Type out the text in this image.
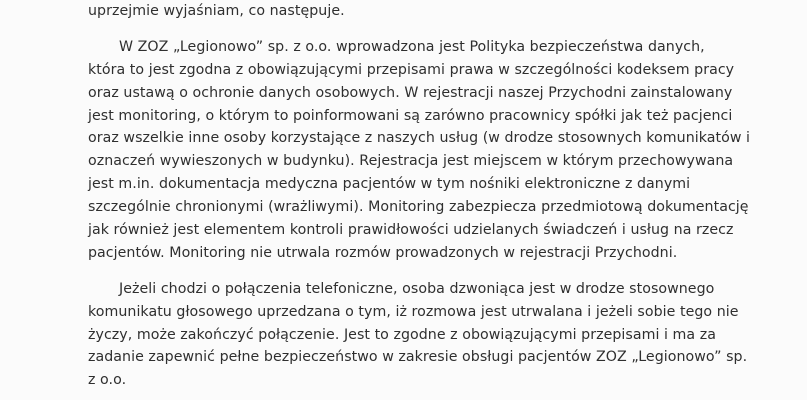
uprzejmie wyjaśniam, co następuje.
W ZOZ „Legionowo” sp. z o.o. wprowadzona jest Polityka bezpieczeństwa danych,
która to jest zgodna z obowiązującymi przepisami prawa w szczególności kodeksem pracy
oraz ustawą o ochronie danych osobowych. W rejestracji naszej Przychodni zainstalowany
jest monitoring, o którym to poinformowani są zarówno pracownicy spółki jak też pacjenci
oraz wszelkie inne osoby korzystające z naszych usług (w drodze stosownych komunikatów i
oznaczeń wywieszonych w budynku). Rejestracja jest miejscem w którym przechowywana
jest m.in. dokumentacja medyczna pacjentów w tym nośniki elektroniczne z danymi
szczególnie chronionymi (wrażliwymi). Monitoring zabezpiecza przedmiotową dokumentację
jak również jest elementem kontroli prawidłowości udzielanych świadczeń i usług na rzecz
pacjentów. Monitoring nie utrwala rozmów prowadzonych w rejestracji Przychodni.
Jeżeli chodzi o połączenia telefoniczne, osoba dzwoniąca jest w drodze stosownego
komunikatu głosowego uprzedzana o tym, iż rozmowa jest utrwalana i jeżeli sobie tego nie
życzy, może zakończyć połączenie. Jest to zgodne z obowiązującymi przepisami i ma za
zadanie zapewnić pełne bezpieczeństwo w zakresie obsługi pacjentów ZOZ „Legionowo” sp.
z o.o.
